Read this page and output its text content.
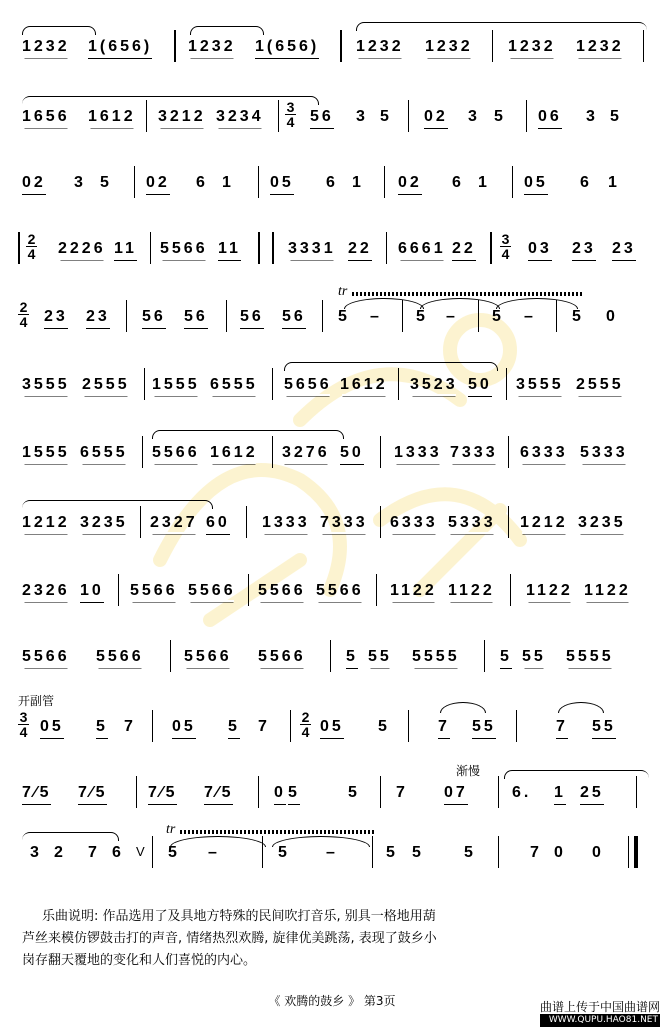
1232 1(656) 1232 1(656) 1232 1232 1232 1232
1656 1612 3212 3234
3
4 56 3 5 02 3 5 06 3 5
02 3 5 02 6 1 05 6 1 02 6 1 05 6 1
2
4 2226 11 5566 11	3331 22 6661 22
3
4 03 23 23
2
4 23 23 56 56 56 56
tr
5 – 5 – 5 – 5 0
3555 2555 1555 6555 5656 1612 3523 50 3555 2555
1555 6555 5566 1612 3276 50 1333 7333 6333 5333
1212 3235 2327 60 1333 7333 6333 5333 1212 3235
2326 10 5566 5566 5566 5566 1122 1122 1122 1122
5566 5566	5566 5566	5 55 5555	5 55 5555
开副管
3
4 05 5 7 05 5 7
2
4 05 5	7 55	7 55
渐慢
7⁄5 7⁄5	7⁄5 7⁄5	0 5	5 7 07	6. 1 25
3 2 7 6 V
tr
5 –	5 –	5 5	5	7 0 0
乐曲说明: 作品选用了及具地方特殊的民间吹打音乐, 别具一格地用葫
芦丝来模仿锣鼓击打的声音, 情绪热烈欢腾, 旋律优美跳荡, 表现了鼓乡小
岗存翻天覆地的变化和人们喜悦的内心。
《 欢腾的鼓乡 》 第3页	曲谱上传于中国曲谱网
WWW.QUPU.HAO81.NET
